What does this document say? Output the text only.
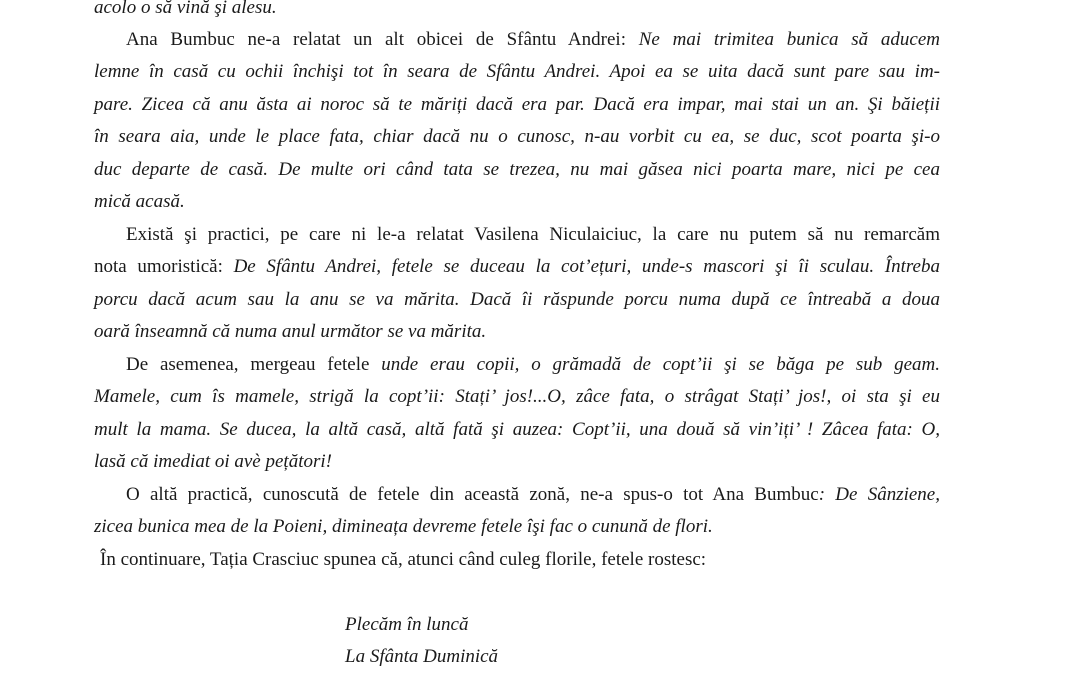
acolo o să vină şi alesu.
Ana Bumbuc ne-a relatat un alt obicei de Sfântu Andrei: Ne mai trimitea bunica să aducem
lemne în casă cu ochii închişi tot în seara de Sfântu Andrei. Apoi ea se uita dacă sunt pare sau im-
pare. Zicea că anu ăsta ai noroc să te măriți dacă era par. Dacă era impar, mai stai un an. Şi băieții
în seara aia, unde le place fata, chiar dacă nu o cunosc, n-au vorbit cu ea, se duc, scot poarta şi-o
duc departe de casă. De multe ori când tata se trezea, nu mai găsea nici poarta mare, nici pe cea
mică acasă.
Există şi practici, pe care ni le-a relatat Vasilena Niculaiciuc, la care nu putem să nu remarcăm
nota umoristică: De Sfântu Andrei, fetele se duceau la cot’ețuri, unde-s mascori şi îi sculau. Întreba
porcu dacă acum sau la anu se va mărita. Dacă îi răspunde porcu numa după ce întreabă a doua
oară înseamnă că numa anul următor se va mărita.
De asemenea, mergeau fetele unde erau copii, o grămadă de copt’ii şi se băga pe sub geam.
Mamele, cum îs mamele, strigă la copt’ii: Stați’ jos!...O, zâce fata, o strâgat Stați’ jos!, oi sta şi eu
mult la mama. Se ducea, la altă casă, altă fată şi auzea: Copt’ii, una două să vin’iți’ ! Zâcea fata: O,
lasă că imediat oi avè pețători!
O altă practică, cunoscută de fetele din această zonă, ne-a spus-o tot Ana Bumbuc: De Sânziene,
zicea bunica mea de la Poieni, dimineața devreme fetele îşi fac o cunună de flori.
În continuare, Tația Crasciuc spunea că, atunci când culeg florile, fetele rostesc:
Plecăm în luncă
La Sfânta Duminică
